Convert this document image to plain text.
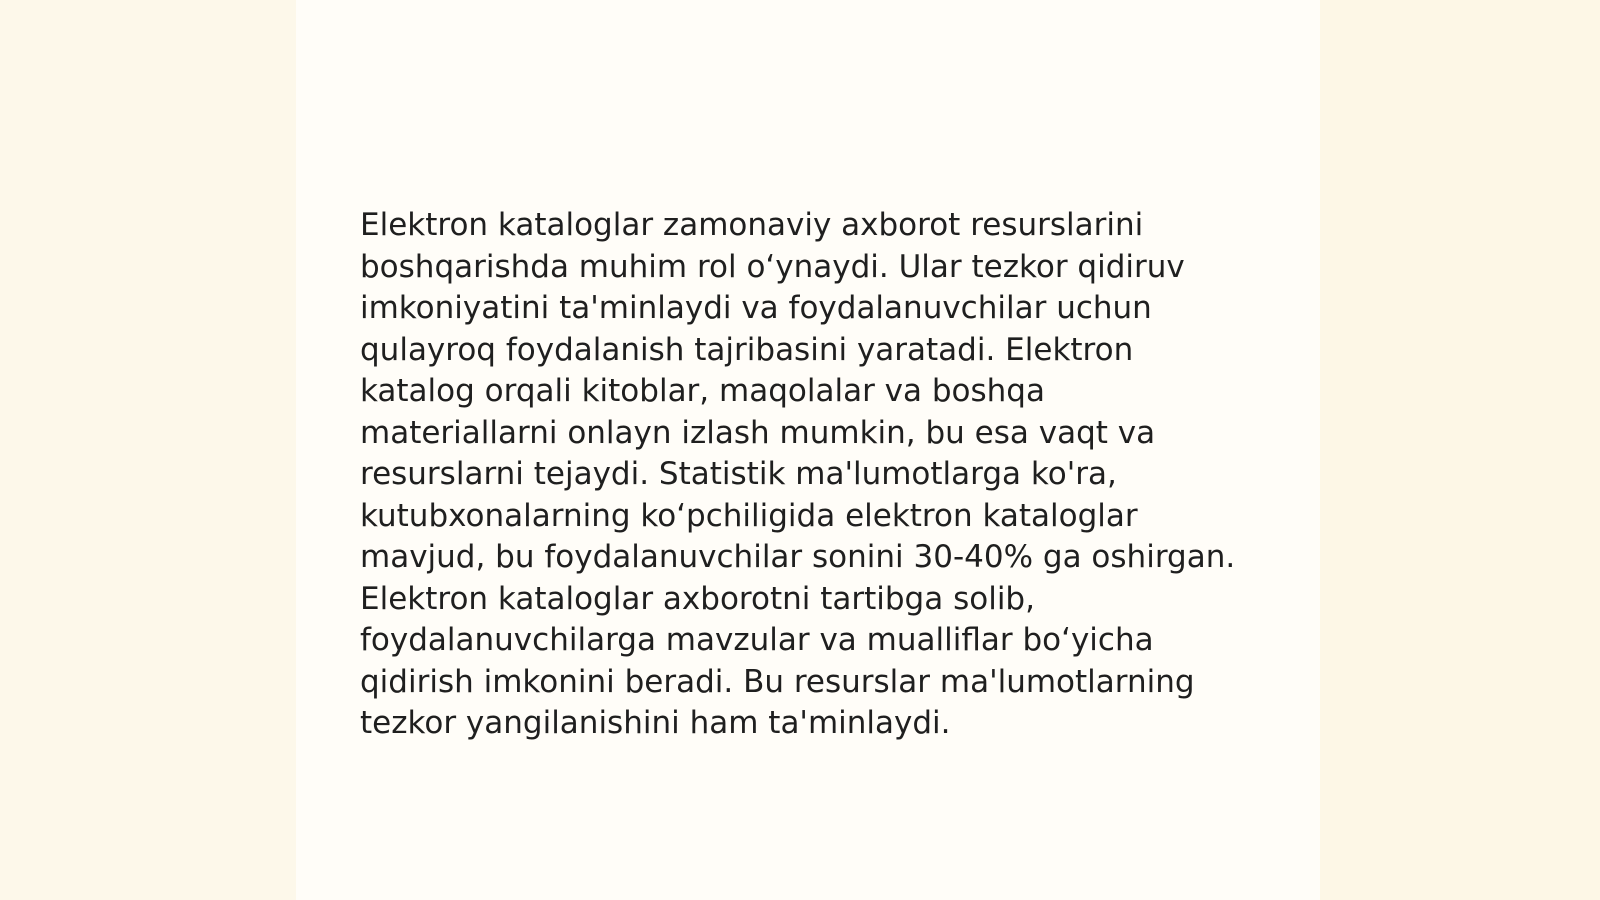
Elektron kataloglar zamonaviy axborot resurslarini boshqarishda muhim rol oʻynaydi. Ular tezkor qidiruv imkoniyatini ta'minlaydi va foydalanuvchilar uchun qulayroq foydalanish tajribasini yaratadi. Elektron katalog orqali kitoblar, maqolalar va boshqa materiallarni onlayn izlash mumkin, bu esa vaqt va resurslarni tejaydi. Statistik ma'lumotlarga ko'ra, kutubxonalarning koʻpchiligida elektron kataloglar mavjud, bu foydalanuvchilar sonini 30-40% ga oshirgan. Elektron kataloglar axborotni tartibga solib, foydalanuvchilarga mavzular va mualliflar boʻyicha qidirish imkonini beradi. Bu resurslar ma'lumotlarning tezkor yangilanishini ham ta'minlaydi.
